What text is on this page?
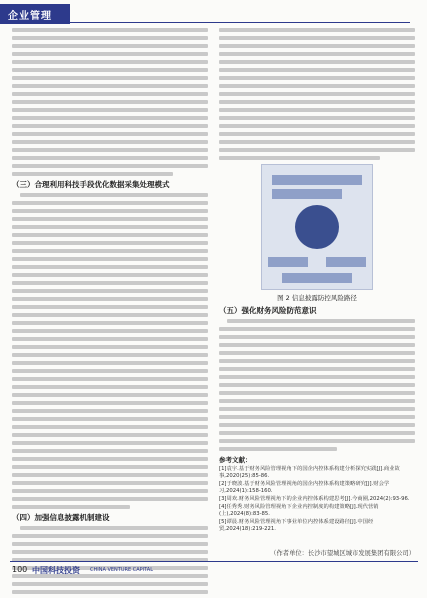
企业管理
（三）合理利用科技手段优化数据采集处理模式
（四）加强信息披露机制建设
图 2 信息披露防控风险路径
（五）强化财务风险防范意识
参考文献：
[1]袁宇.基于财务风险管理视角下的国企内控体系构建分析探究实践[J].商业故事,2020(25):85-86.
[2]于晓波.基于财务风险管理视角的国企内控体系构建策略研究[J].财会学习,2024(1):158-160.
[3]周欢.财务风险管理视角下的企业内控体系构建思考[J].今商圈,2024(2):93-96.
[4]任秀秀.财务风险管理视角下企业内控制度的构建策略[J].现代营销(上),2024(8):83-85.
[5]谭晨.财务风险管理视角下事业单位内控体系建设路径[J].中国经贸,2024(18):219-221.
（作者单位：长沙市望城区城市发展集团有限公司）
100 中国科技投资 CHINA VENTURE CAPITAL
